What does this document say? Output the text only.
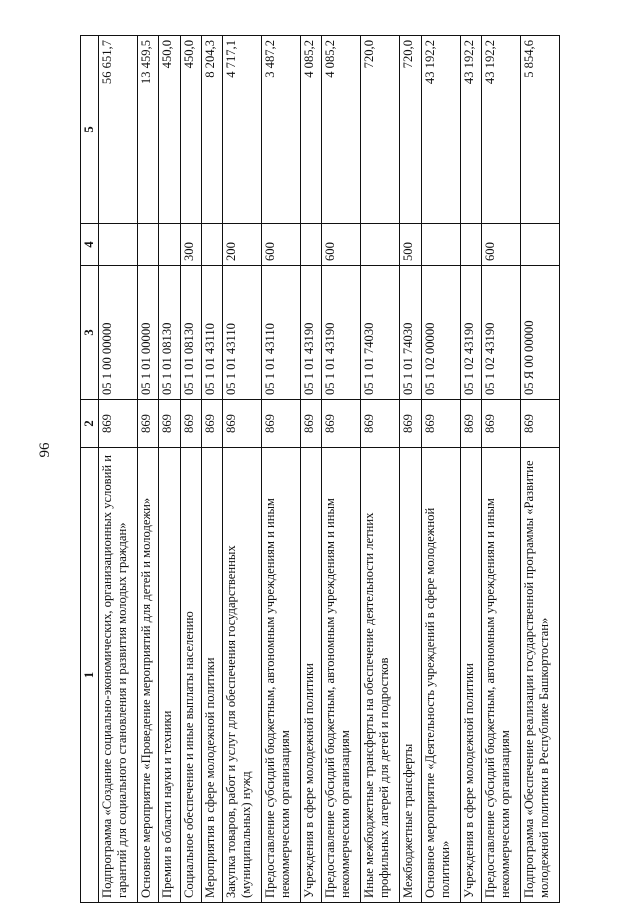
96
1	2	3	4	5
Подпрограмма «Создание социально-экономических, организационных условий и гарантий для социального становления и развития молодых граждан»	869	05 1 00 00000		56 651,7
Основное мероприятие «Проведение мероприятий для детей и молодежи»	869	05 1 01 00000		13 459,5
Премии в области науки и техники	869	05 1 01 08130		450,0
Социальное обеспечение и иные выплаты населению	869	05 1 01 08130	300	450,0
Мероприятия в сфере молодежной политики	869	05 1 01 43110		8 204,3
Закупка товаров, работ и услуг для обеспечения государственных (муниципальных) нужд	869	05 1 01 43110	200	4 717,1
Предоставление субсидий бюджетным, автономным учреждениям и иным некоммерческим организациям	869	05 1 01 43110	600	3 487,2
Учреждения в сфере молодежной политики	869	05 1 01 43190		4 085,2
Предоставление субсидий бюджетным, автономным учреждениям и иным некоммерческим организациям	869	05 1 01 43190	600	4 085,2
Иные межбюджетные трансферты на обеспечение деятельности летних профильных лагерей для детей и подростков	869	05 1 01 74030		720,0
Межбюджетные трансферты	869	05 1 01 74030	500	720,0
Основное мероприятие «Деятельность учреждений в сфере молодежной политики»	869	05 1 02 00000		43 192,2
Учреждения в сфере молодежной политики	869	05 1 02 43190		43 192,2
Предоставление субсидий бюджетным, автономным учреждениям и иным некоммерческим организациям	869	05 1 02 43190	600	43 192,2
Подпрограмма «Обеспечение реализации государственной программы «Развитие молодежной политики в Республике Башкортостан»	869	05 Я 00 00000		5 854,6
